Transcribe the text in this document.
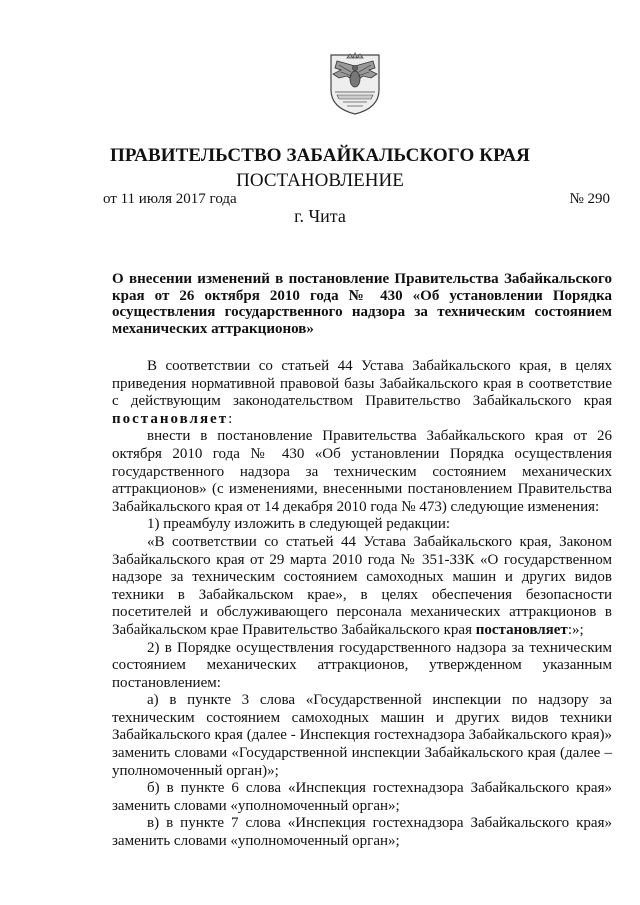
ПРАВИТЕЛЬСТВО ЗАБАЙКАЛЬСКОГО КРАЯ
ПОСТАНОВЛЕНИЕ
от 11 июля 2017 года	№ 290
г. Чита
О внесении изменений в постановление Правительства Забайкальского края от 26 октября 2010 года № 430 «Об установлении Порядка осуществления государственного надзора за техническим состоянием механических аттракционов»

В соответствии со статьей 44 Устава Забайкальского края, в целях приведения нормативной правовой базы Забайкальского края в соответствие с действующим законодательством Правительство Забайкальского края постановляет:

внести в постановление Правительства Забайкальского края от 26 октября 2010 года № 430 «Об установлении Порядка осуществления государственного надзора за техническим состоянием механических аттракционов» (с изменениями, внесенными постановлением Правительства Забайкальского края от 14 декабря 2010 года № 473) следующие изменения:

1) преамбулу изложить в следующей редакции:

«В соответствии со статьей 44 Устава Забайкальского края, Законом Забайкальского края от 29 марта 2010 года № 351-ЗЗК «О государственном надзоре за техническим состоянием самоходных машин и других видов техники в Забайкальском крае», в целях обеспечения безопасности посетителей и обслуживающего персонала механических аттракционов в Забайкальском крае Правительство Забайкальского края постановляет:»;

2) в Порядке осуществления государственного надзора за техническим состоянием механических аттракционов, утвержденном указанным постановлением:

а) в пункте 3 слова «Государственной инспекции по надзору за техническим состоянием самоходных машин и других видов техники Забайкальского края (далее - Инспекция гостехнадзора Забайкальского края)» заменить словами «Государственной инспекции Забайкальского края (далее – уполномоченный орган)»;

б) в пункте 6 слова «Инспекция гостехнадзора Забайкальского края» заменить словами «уполномоченный орган»;

в) в пункте 7 слова «Инспекция гостехнадзора Забайкальского края» заменить словами «уполномоченный орган»;
